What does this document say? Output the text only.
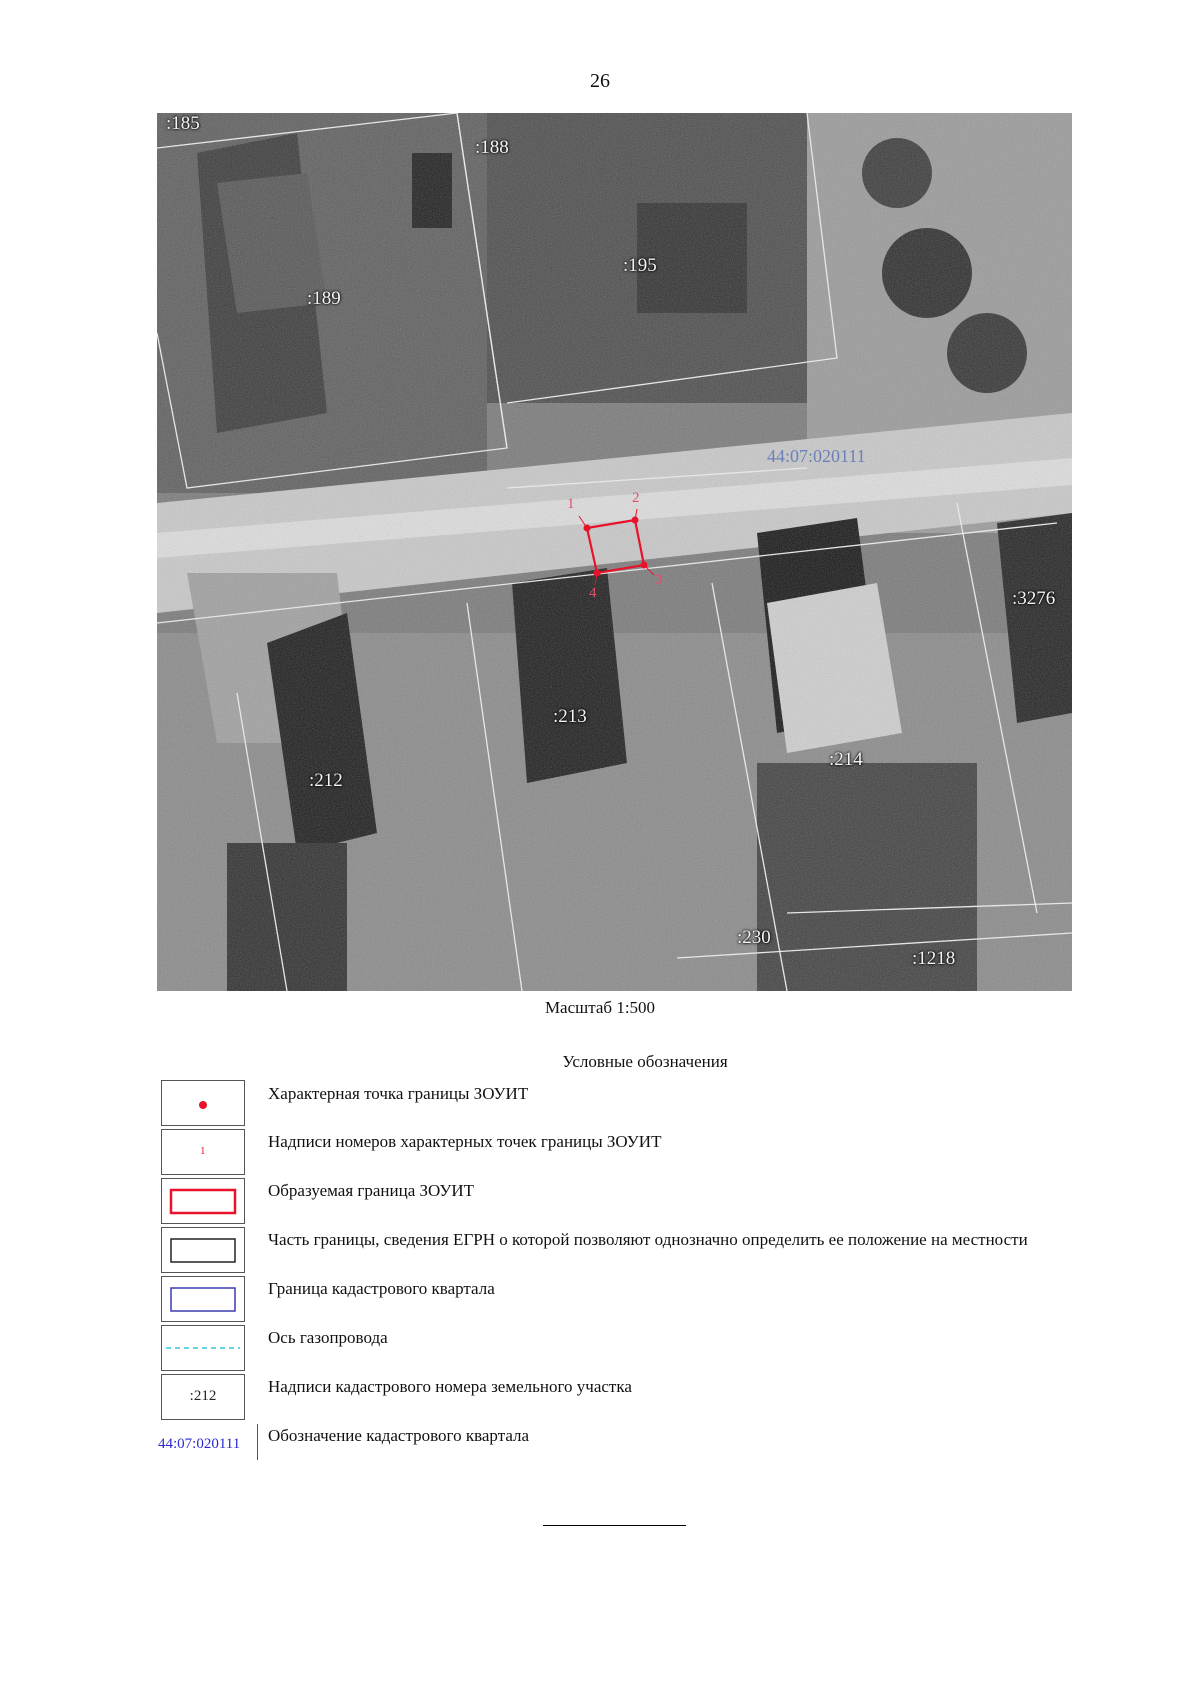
26
:185
:188
:195
:189
:212
:213
:214
:230
:1218
:3276
44:07:020111
1	2
3
4
Масштаб 1:500
Условные обозначения
Характерная точка границы ЗОУИТ
1	Надписи номеров характерных точек границы ЗОУИТ
Образуемая граница ЗОУИТ
Часть границы, сведения ЕГРН о которой позволяют однозначно определить ее положение на местности
Граница кадастрового квартала
Ось газопровода
:212	Надписи кадастрового номера земельного участка
44:07:020111 Обозначение кадастрового квартала
